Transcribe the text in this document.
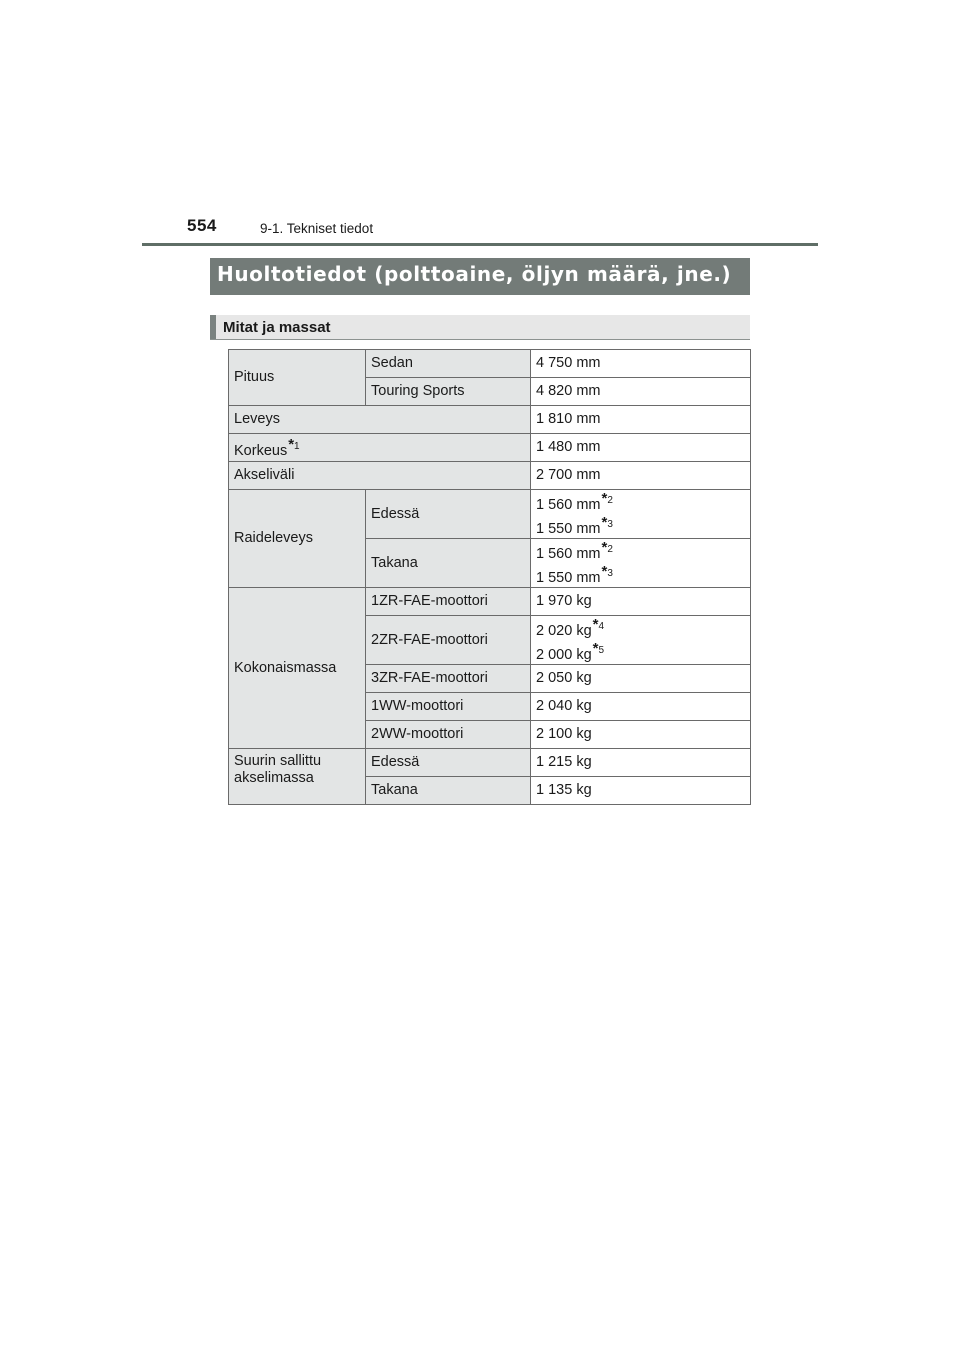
554	9-1. Tekniset tiedot
Huoltotiedot (polttoaine, öljyn määrä, jne.)
Mitat ja massat
Pituus	Sedan	4 750 mm
	Touring Sports	4 820 mm
Leveys		1 810 mm
Korkeus$^{*1}$		1 480 mm
Akseliväli		2 700 mm
Raideleveys	Edessä	1 560 $mm^{*2}$
1 550 $mm^{*3}$

	Takana	1 560 $mm^{*2}$
1 550 $mm^{*3}$

Kokonaismassa	1ZR-FAE-moottori	1 970 kg
	2ZR-FAE-moottori	2 020 $kg^{*4}$
2 000 $kg^{*5}$

	3ZR-FAE-moottori	2 050 kg
	1WW-moottori	2 040 kg
	2WW-moottori	2 100 kg

Suurin sallittu
akselimassa	Edessä	1 215 kg
	Takana	1 135 kg
